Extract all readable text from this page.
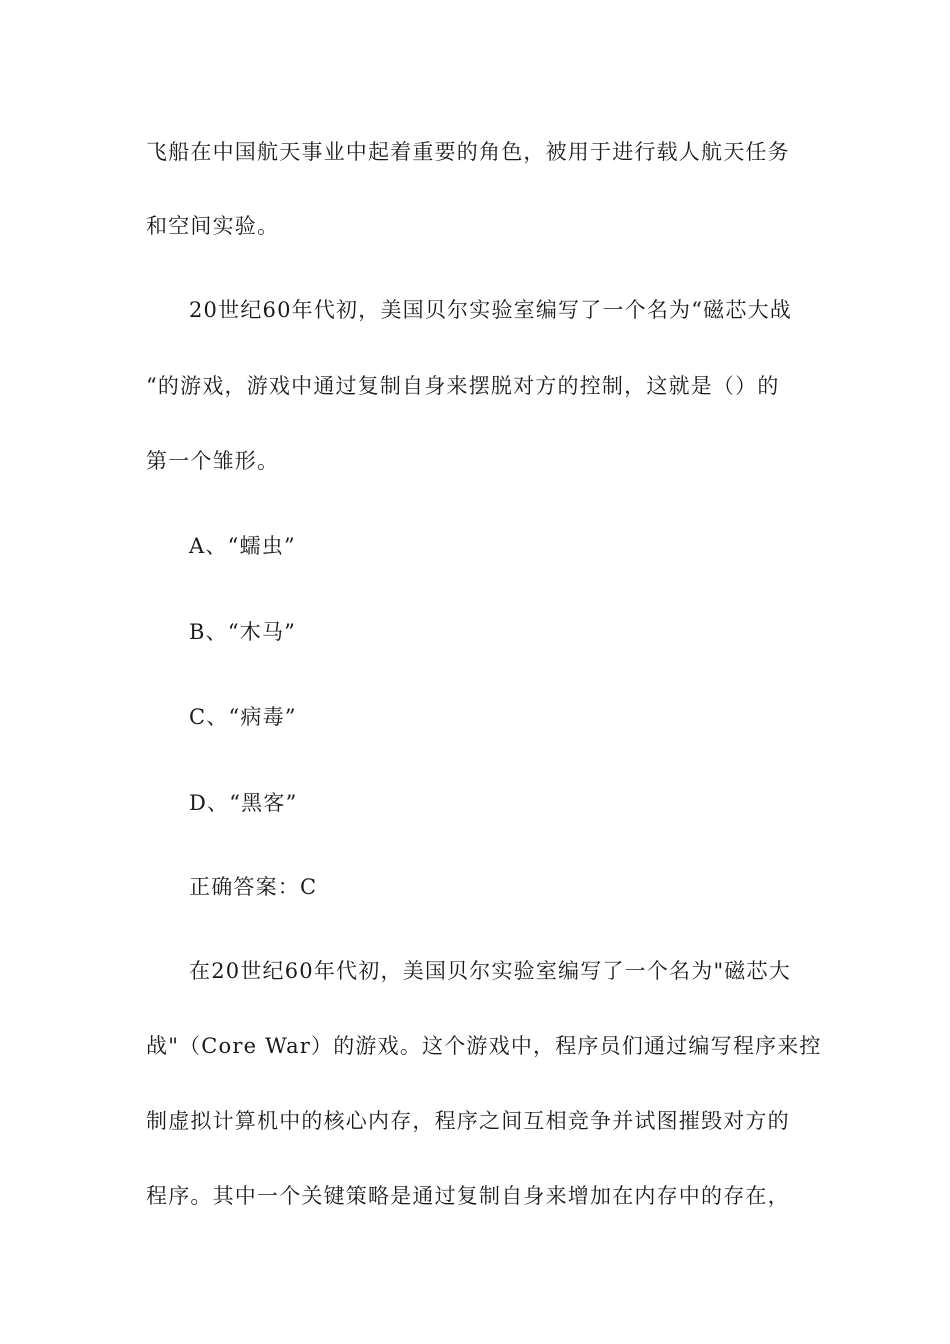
飞船在中国航天事业中起着重要的角色，被用于进行载人航天任务
和空间实验。
20世纪60年代初，美国贝尔实验室编写了一个名为“磁芯大战
“的游戏，游戏中通过复制自身来摆脱对方的控制，这就是（）的
第一个雏形。
A、“蠕虫”
B、“木马”
C、“病毒”
D、“黑客”
正确答案：C
在20世纪60年代初，美国贝尔实验室编写了一个名为"磁芯大
战"（Core War）的游戏。这个游戏中，程序员们通过编写程序来控
制虚拟计算机中的核心内存，程序之间互相竞争并试图摧毁对方的
程序。其中一个关键策略是通过复制自身来增加在内存中的存在，
